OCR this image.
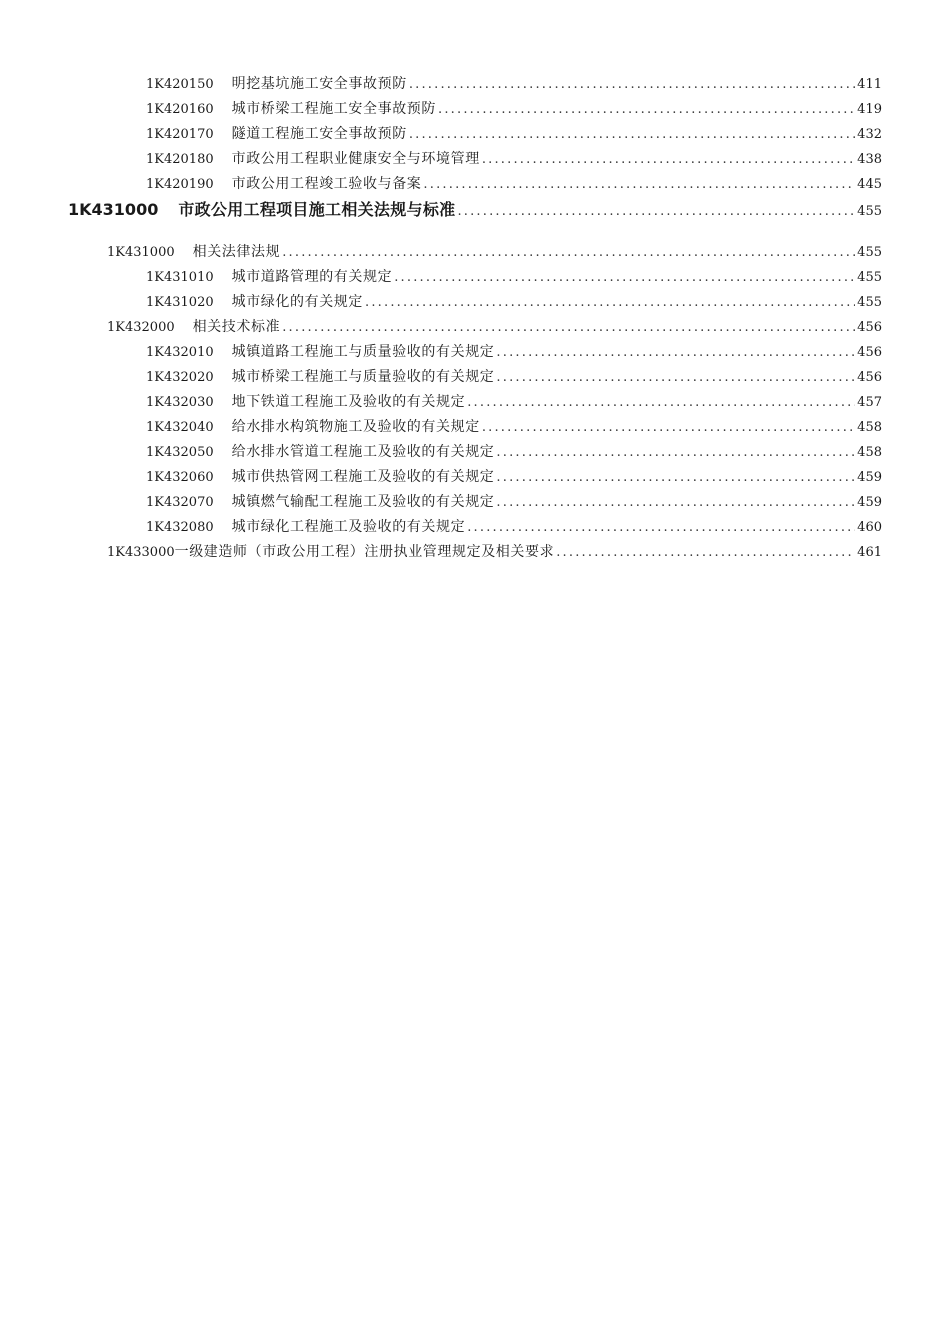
1K420150 明挖基坑施工安全事故预防 .....	411
1K420160 城市桥梁工程施工安全事故预防 .....	419
1K420170 隧道工程施工安全事故预防 .....	432
1K420180 市政公用工程职业健康安全与环境管理 .....	438
1K420190 市政公用工程竣工验收与备案 .....	445
1K431000 市政公用工程项目施工相关法规与标准 .....	455
1K431000 相关法律法规 .....	455
1K431010 城市道路管理的有关规定 .....	455
1K431020 城市绿化的有关规定 .....	455
1K432000 相关技术标准 .....	456
1K432010 城镇道路工程施工与质量验收的有关规定 .....	456
1K432020 城市桥梁工程施工与质量验收的有关规定 .....	456
1K432030 地下铁道工程施工及验收的有关规定 .....	457
1K432040 给水排水构筑物施工及验收的有关规定 .....	458
1K432050 给水排水管道工程施工及验收的有关规定 .....	458
1K432060 城市供热管网工程施工及验收的有关规定 .....	459
1K432070 城镇燃气输配工程施工及验收的有关规定 .....	459
1K432080 城市绿化工程施工及验收的有关规定 .....	460
1K433000 一级建造师（市政公用工程）注册执业管理规定及相关要求 .....	461
